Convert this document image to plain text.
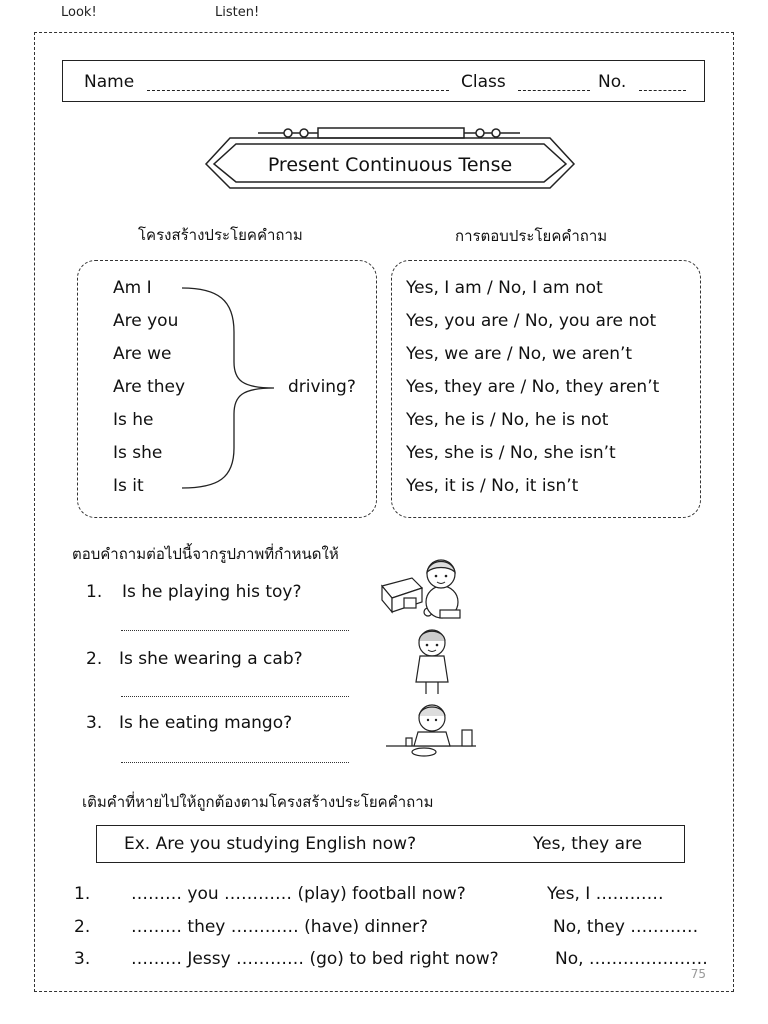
Look!	Listen!
Name	Class	No.
Present Continuous Tense
โครงสร้างประโยคคำถาม	การตอบประโยคคำถาม
Am I
Are you
Are we
Are they
Is he
Is she
Is it
driving?
Yes, I am / No, I am not
Yes, you are / No, you are not
Yes, we are / No, we aren’t
Yes, they are / No, they aren’t
Yes, he is / No, he is not
Yes, she is / No, she isn’t
Yes, it is / No, it isn’t
ตอบคำถามต่อไปนี้จากรูปภาพที่กำหนดให้
1. Is he playing his toy?
2. Is she wearing a cab?
3. Is he eating mango?
เติมคำที่หายไปให้ถูกต้องตามโครงสร้างประโยคคำถาม
Ex. Are you studying English now?	Yes, they are
1. ……… you ………… (play) football now?	Yes, I …………
2. ……… they ………… (have) dinner?	No, they …………
3. ……… Jessy ………… (go) to bed right now?	No, …………………
75
